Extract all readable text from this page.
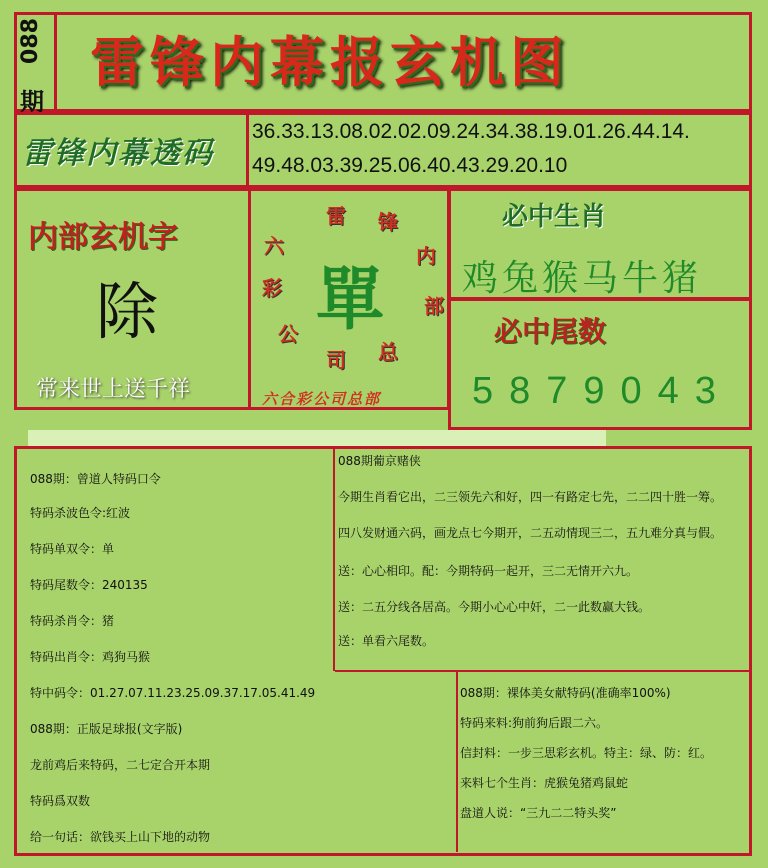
088
期
雷锋内幕报玄机图
雷锋内幕透码
36.33.13.08.02.02.09.24.34.38.19.01.26.44.14.
49.48.03.39.25.06.40.43.29.20.10
内部玄机字
除
常来世上送千祥
單
六
雷 锋
内
部
总
司
公
彩
六合彩公司总部
必中生肖
鸡兔猴马牛猪
必中尾数
5879043
088期：曾道人特码口令
特码杀波色令:红波
特码单双令：单
特码尾数令：240135
特码杀肖令：猪
特码出肖令：鸡狗马猴
特中码令：01.27.07.11.23.25.09.37.17.05.41.49
088期：正版足球报(文字版)
龙前鸡后来特码，二七定合开本期
特码爲双数
给一句话：欲钱买上山下地的动物
088期葡京赌侠
今期生肖看它出，二三领先六和好，四一有路定七先，二二四十胜一筹。
四八发财通六码，画龙点七今期开，二五动情现三二，五九难分真与假。
送：心心相印。配：今期特码一起开，三二无情开六九。
送：二五分线各居高。今期小心心中奸，二一此数赢大钱。
送：单看六尾数。
088期：裸体美女献特码(准确率100%)
特码来料:狗前狗后跟二六。
信封料：一步三思彩玄机。特主：绿、防：红。
来料七个生肖：虎猴兔猪鸡鼠蛇
盘道人说：“三九二二特头奖”
